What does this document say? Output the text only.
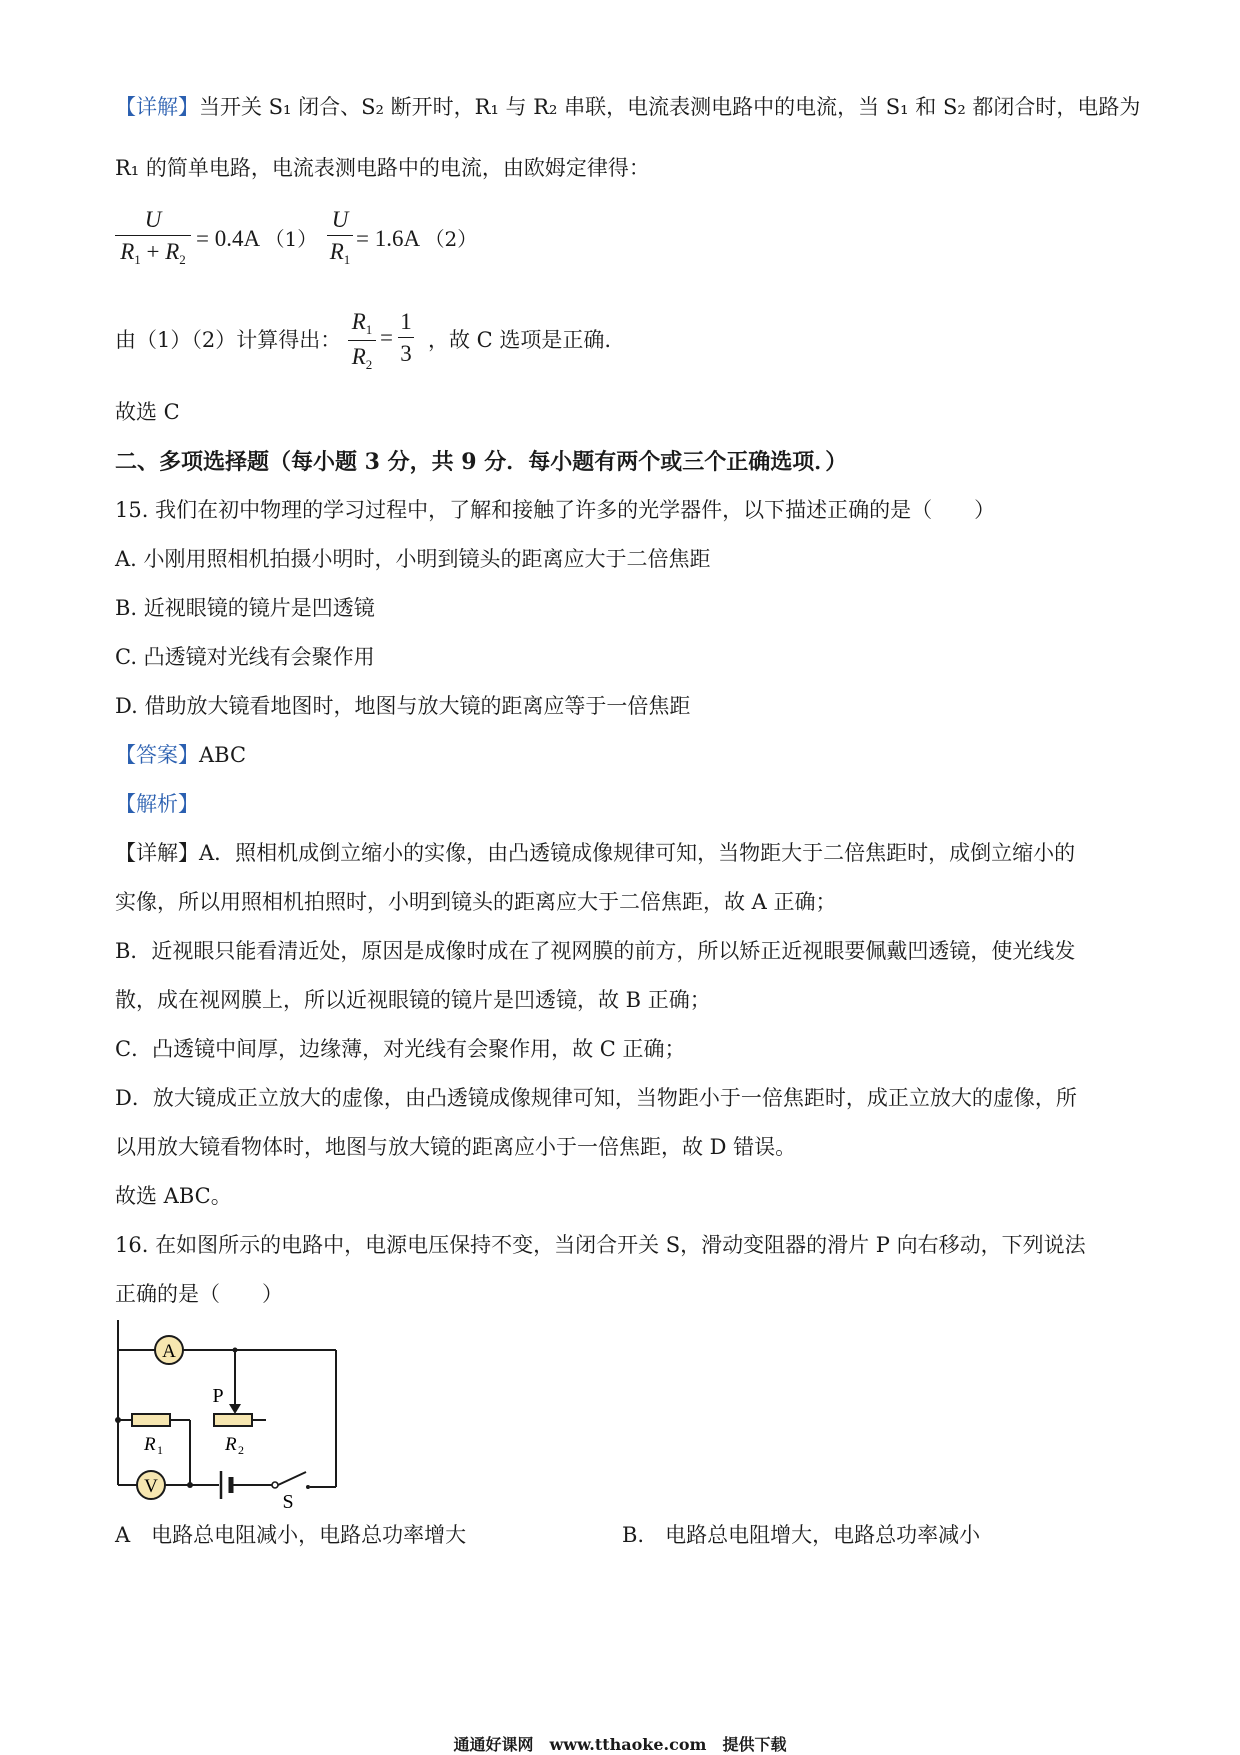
【详解】当开关 S₁ 闭合、S₂ 断开时，R₁ 与 R₂ 串联，电流表测电路中的电流，当 S₁ 和 S₂ 都闭合时，电路为
R₁ 的简单电路，电流表测电路中的电流，由欧姆定律得：
U
$R_1 + R_2$
= 0.4A （1）
U
$R_1$
= 1.6A （2）
由（1）（2）计算得出：
$R_1$
$R_2$
=
1
3
，故 C 选项是正确.
故选 C
二、多项选择题（每小题 3 分，共 9 分．每小题有两个或三个正确选项．）
15. 我们在初中物理的学习过程中，了解和接触了许多的光学器件，以下描述正确的是（　　）
A. 小刚用照相机拍摄小明时，小明到镜头的距离应大于二倍焦距
B. 近视眼镜的镜片是凹透镜
C. 凸透镜对光线有会聚作用
D. 借助放大镜看地图时，地图与放大镜的距离应等于一倍焦距
【答案】ABC
【解析】
【详解】A．照相机成倒立缩小的实像，由凸透镜成像规律可知，当物距大于二倍焦距时，成倒立缩小的
实像，所以用照相机拍照时，小明到镜头的距离应大于二倍焦距，故 A 正确；
B．近视眼只能看清近处，原因是成像时成在了视网膜的前方，所以矫正近视眼要佩戴凹透镜，使光线发
散，成在视网膜上，所以近视眼镜的镜片是凹透镜，故 B 正确；
C．凸透镜中间厚，边缘薄，对光线有会聚作用，故 C 正确；
D．放大镜成正立放大的虚像，由凸透镜成像规律可知，当物距小于一倍焦距时，成正立放大的虚像，所
以用放大镜看物体时，地图与放大镜的距离应小于一倍焦距，故 D 错误。
故选 ABC。
16. 在如图所示的电路中，电源电压保持不变，当闭合开关 S，滑动变阻器的滑片 P 向右移动，下列说法
正确的是（　　）
A
V
P
S
R 1	R 2
A　电路总电阻减小，电路总功率增大	B.　电路总电阻增大，电路总功率减小
通通好课网　www.tthaoke.com　提供下载
